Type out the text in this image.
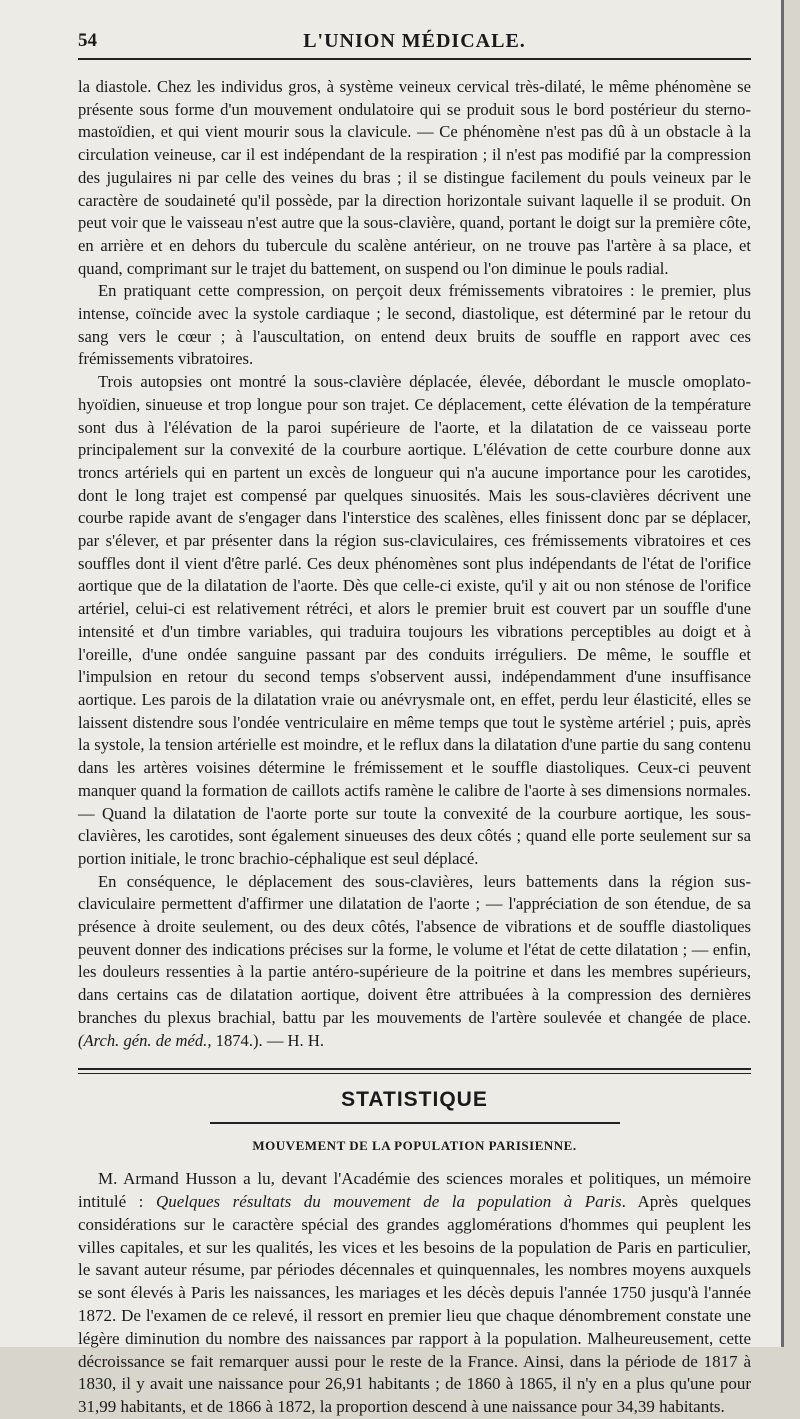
54	L'UNION MÉDICALE.

la diastole. Chez les individus gros, à système veineux cervical très-dilaté, le même phénomène se présente sous forme d'un mouvement ondulatoire qui se produit sous le bord postérieur du sterno-mastoïdien, et qui vient mourir sous la clavicule. — Ce phénomène n'est pas dû à un obstacle à la circulation veineuse, car il est indépendant de la respiration ; il n'est pas modifié par la compression des jugulaires ni par celle des veines du bras ; il se distingue facilement du pouls veineux par le caractère de soudaineté qu'il possède, par la direction horizontale suivant laquelle il se produit. On peut voir que le vaisseau n'est autre que la sous-clavière, quand, portant le doigt sur la première côte, en arrière et en dehors du tubercule du scalène antérieur, on ne trouve pas l'artère à sa place, et quand, comprimant sur le trajet du battement, on suspend ou l'on diminue le pouls radial.

En pratiquant cette compression, on perçoit deux frémissements vibratoires : le premier, plus intense, coïncide avec la systole cardiaque ; le second, diastolique, est déterminé par le retour du sang vers le cœur ; à l'auscultation, on entend deux bruits de souffle en rapport avec ces frémissements vibratoires.

Trois autopsies ont montré la sous-clavière déplacée, élevée, débordant le muscle omoplato-hyoïdien, sinueuse et trop longue pour son trajet. Ce déplacement, cette élévation de la température sont dus à l'élévation de la paroi supérieure de l'aorte, et la dilatation de ce vaisseau porte principalement sur la convexité de la courbure aortique. L'élévation de cette courbure donne aux troncs artériels qui en partent un excès de longueur qui n'a aucune importance pour les carotides, dont le long trajet est compensé par quelques sinuosités. Mais les sous-clavières décrivent une courbe rapide avant de s'engager dans l'interstice des scalènes, elles finissent donc par se déplacer, par s'élever, et par présenter dans la région sus-claviculaires, ces frémissements vibratoires et ces souffles dont il vient d'être parlé. Ces deux phénomènes sont plus indépendants de l'état de l'orifice aortique que de la dilatation de l'aorte. Dès que celle-ci existe, qu'il y ait ou non sténose de l'orifice artériel, celui-ci est relativement rétréci, et alors le premier bruit est couvert par un souffle d'une intensité et d'un timbre variables, qui traduira toujours les vibrations perceptibles au doigt et à l'oreille, d'une ondée sanguine passant par des conduits irréguliers. De même, le souffle et l'impulsion en retour du second temps s'observent aussi, indépendamment d'une insuffisance aortique. Les parois de la dilatation vraie ou anévrysmale ont, en effet, perdu leur élasticité, elles se laissent distendre sous l'ondée ventriculaire en même temps que tout le système artériel ; puis, après la systole, la tension artérielle est moindre, et le reflux dans la dilatation d'une partie du sang contenu dans les artères voisines détermine le frémissement et le souffle diastoliques. Ceux-ci peuvent manquer quand la formation de caillots actifs ramène le calibre de l'aorte à ses dimensions normales. — Quand la dilatation de l'aorte porte sur toute la convexité de la courbure aortique, les sous-clavières, les carotides, sont également sinueuses des deux côtés ; quand elle porte seulement sur sa portion initiale, le tronc brachio-céphalique est seul déplacé.

En conséquence, le déplacement des sous-clavières, leurs battements dans la région sus-claviculaire permettent d'affirmer une dilatation de l'aorte ; — l'appréciation de son étendue, de sa présence à droite seulement, ou des deux côtés, l'absence de vibrations et de souffle diastoliques peuvent donner des indications précises sur la forme, le volume et l'état de cette dilatation ; — enfin, les douleurs ressenties à la partie antéro-supérieure de la poitrine et dans les membres supérieurs, dans certains cas de dilatation aortique, doivent être attribuées à la compression des dernières branches du plexus brachial, battu par les mouvements de l'artère soulevée et changée de place. (Arch. gén. de méd., 1874.). — H. H.

STATISTIQUE
MOUVEMENT DE LA POPULATION PARISIENNE.

M. Armand Husson a lu, devant l'Académie des sciences morales et politiques, un mémoire intitulé : Quelques résultats du mouvement de la population à Paris. Après quelques considérations sur le caractère spécial des grandes agglomérations d'hommes qui peuplent les villes capitales, et sur les qualités, les vices et les besoins de la population de Paris en particulier, le savant auteur résume, par périodes décennales et quinquennales, les nombres moyens auxquels se sont élevés à Paris les naissances, les mariages et les décès depuis l'année 1750 jusqu'à l'année 1872. De l'examen de ce relevé, il ressort en premier lieu que chaque dénombrement constate une légère diminution du nombre des naissances par rapport à la population. Malheureusement, cette décroissance se fait remarquer aussi pour le reste de la France. Ainsi, dans la période de 1817 à 1830, il y avait une naissance pour 26,91 habitants ; de 1860 à 1865, il n'y en a plus qu'une pour 31,99 habitants, et de 1866 à 1872, la proportion descend à une naissance pour 34,39 habitants.
